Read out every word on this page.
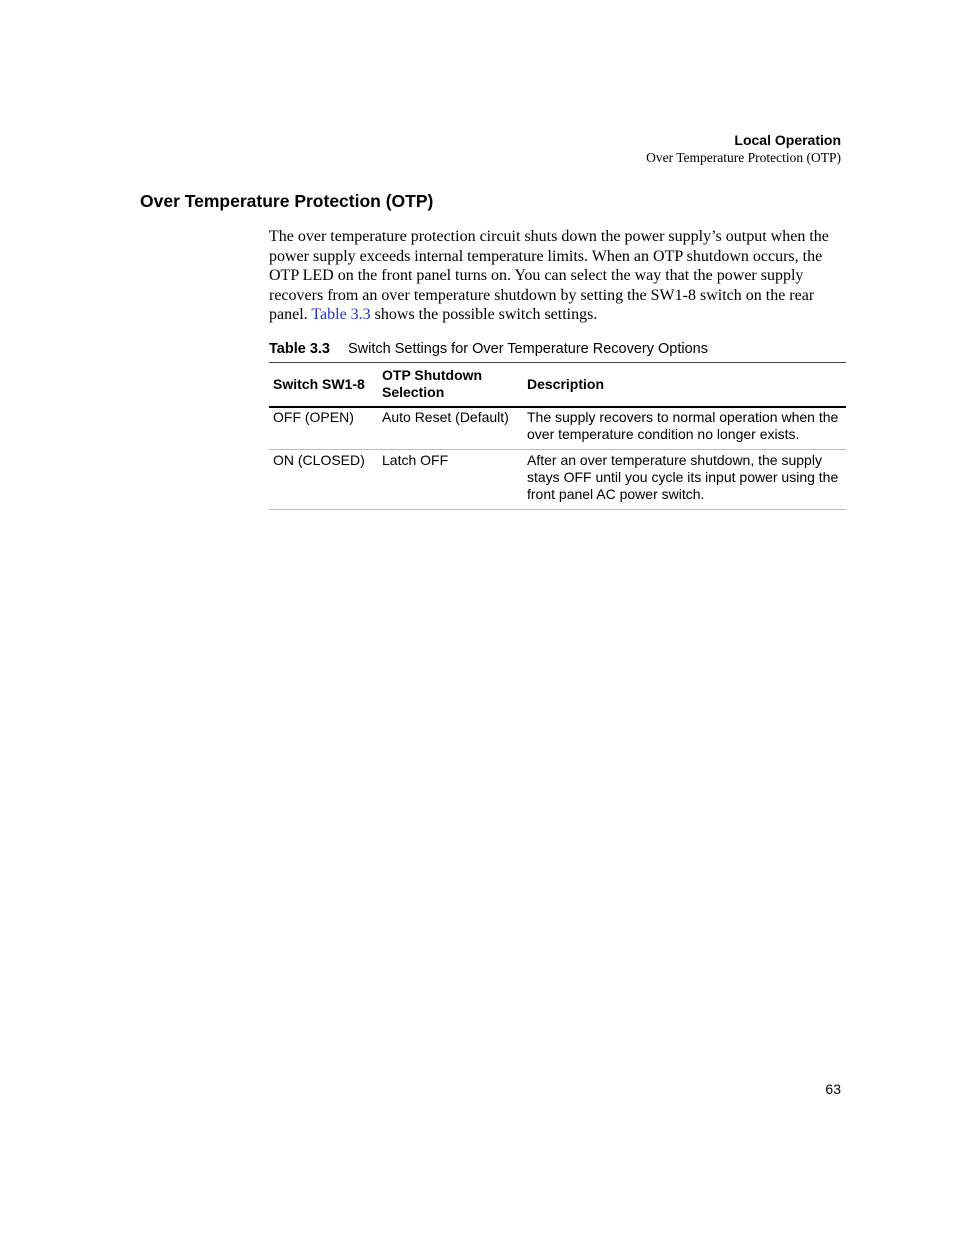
Local Operation
Over Temperature Protection (OTP)
Over Temperature Protection (OTP)

The over temperature protection circuit shuts down the power supply’s output when the power supply exceeds internal temperature limits. When an OTP shutdown occurs, the OTP LED on the front panel turns on. You can select the way that the power supply recovers from an over temperature shutdown by setting the SW1-8 switch on the rear panel. Table 3.3 shows the possible switch settings.

Table 3.3 Switch Settings for Over Temperature Recovery Options
Switch SW1-8	OTP Shutdown Selection	Description
OFF (OPEN)	Auto Reset (Default)	The supply recovers to normal operation when the over temperature condition no longer exists.
ON (CLOSED)	Latch OFF	After an over temperature shutdown, the supply stays OFF until you cycle its input power using the front panel AC power switch.
63
